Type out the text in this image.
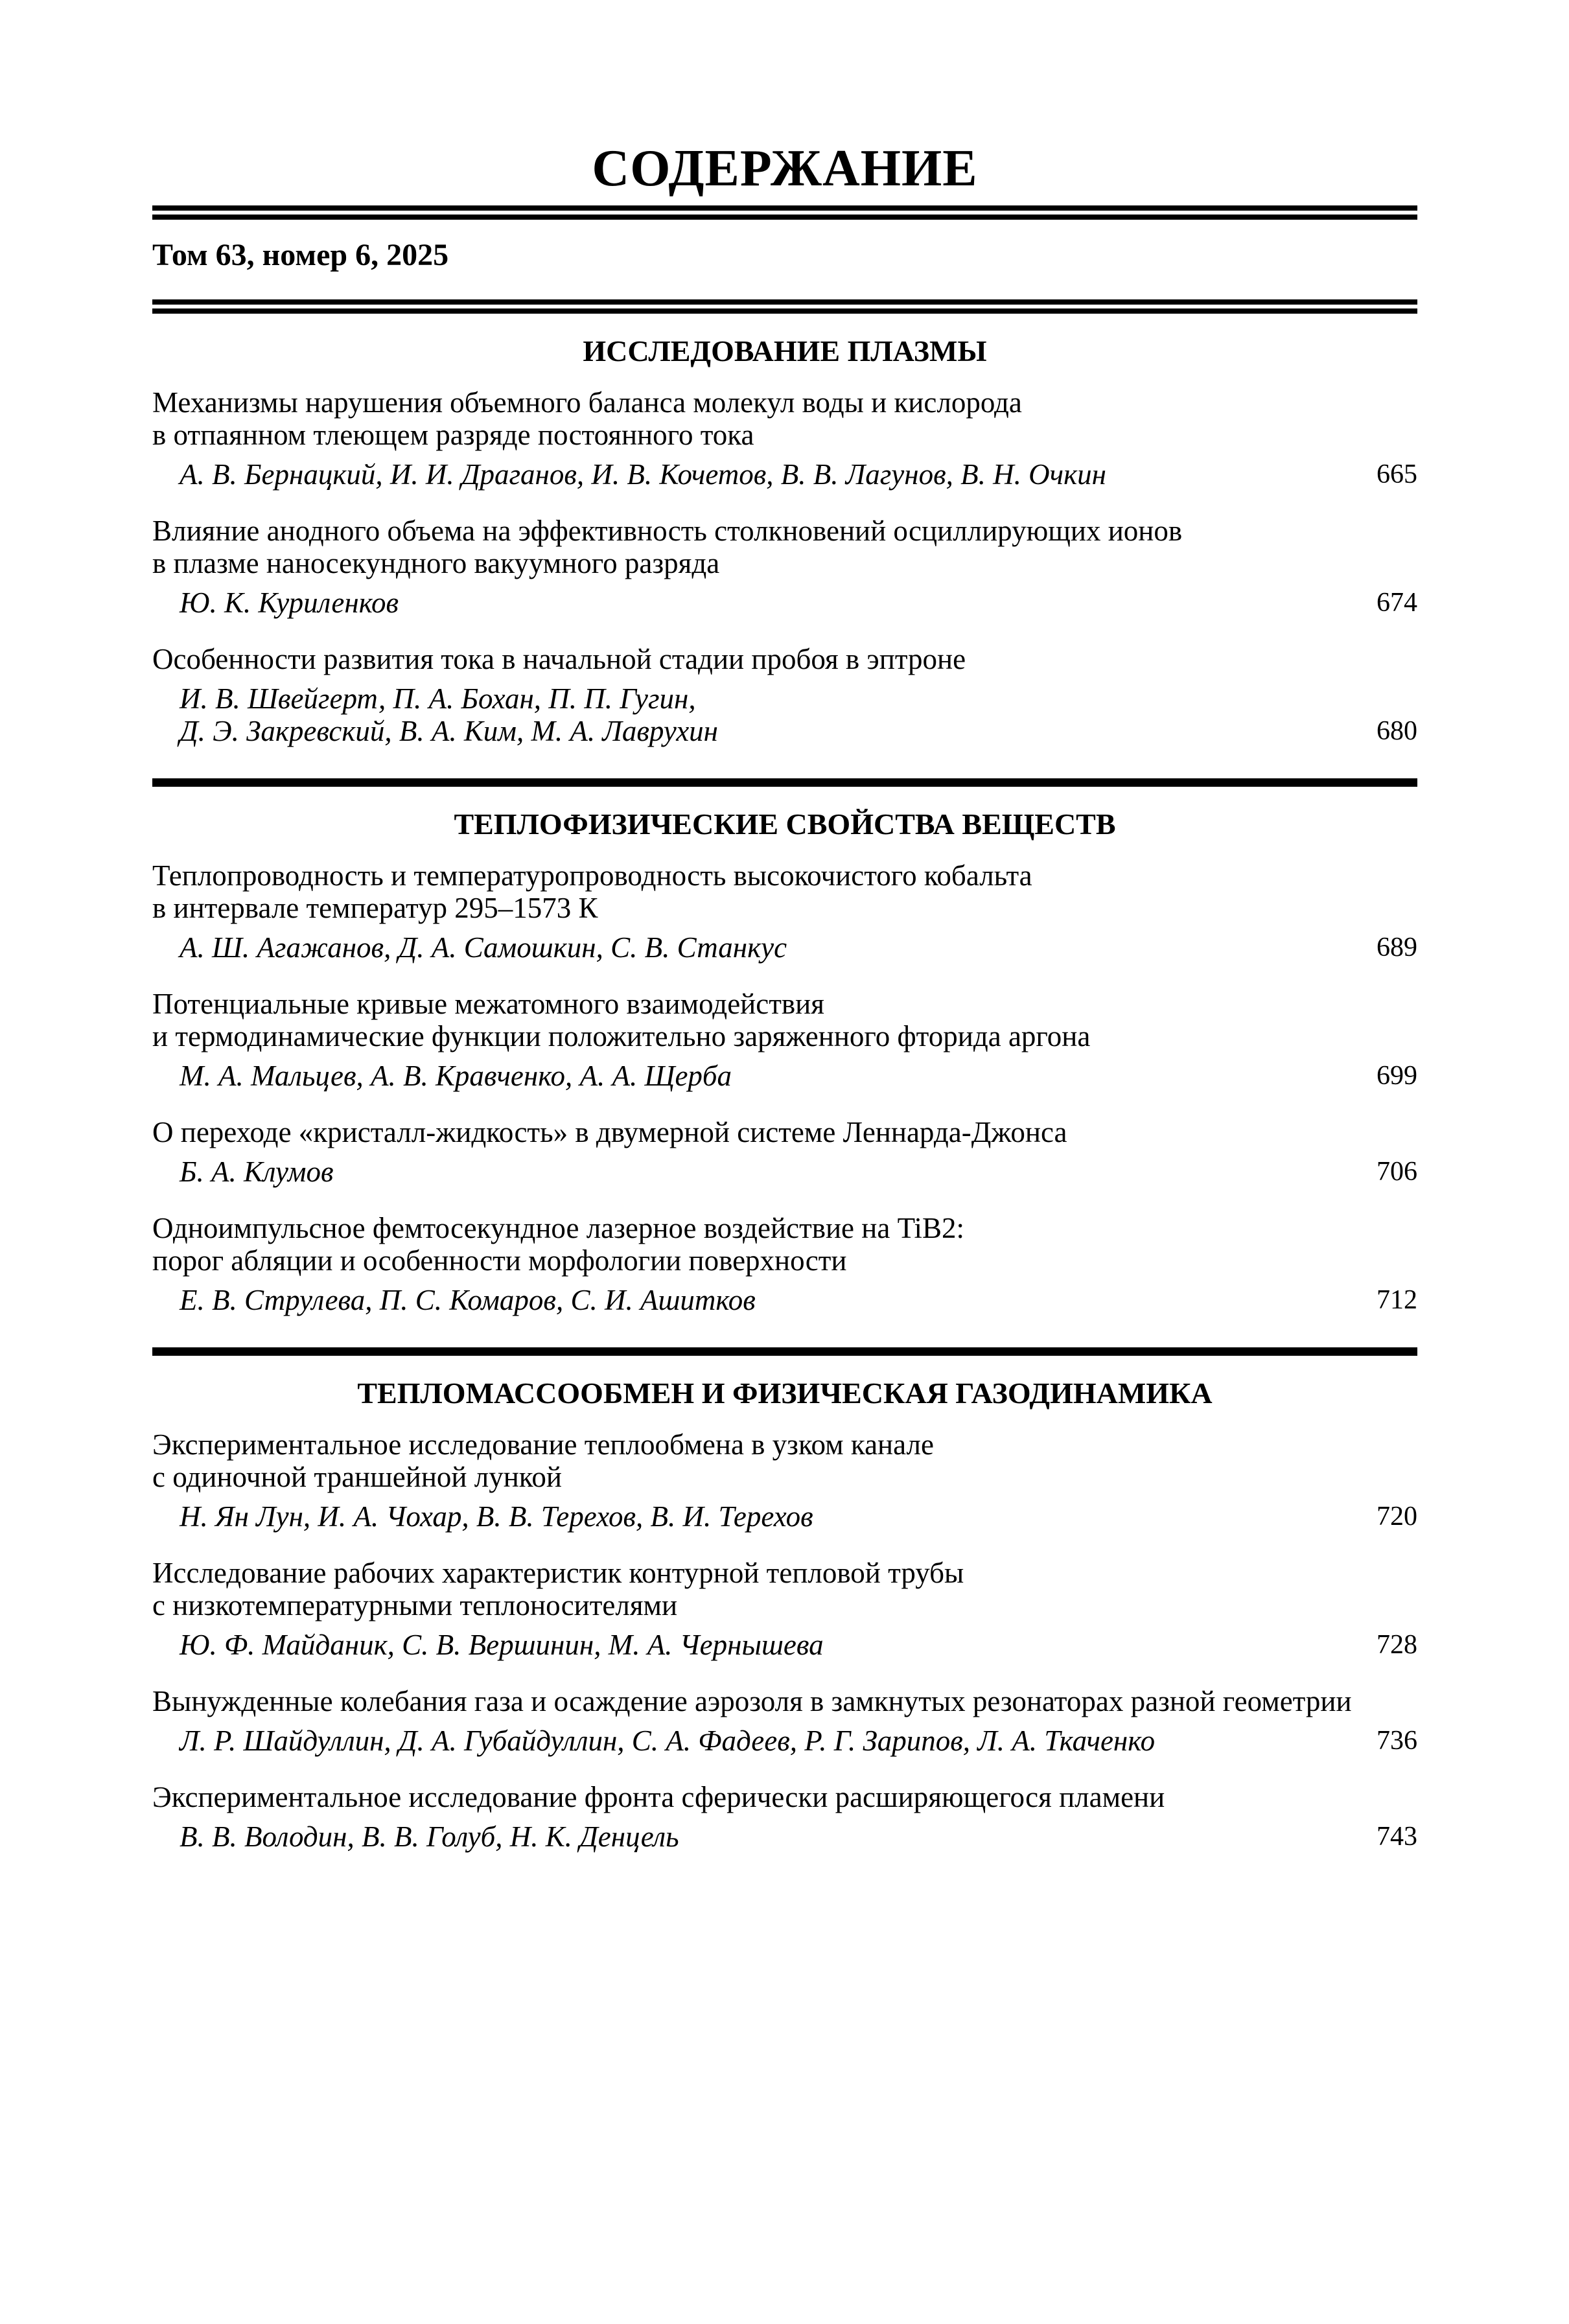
СОДЕРЖАНИЕ
Том 63, номер 6, 2025
ИССЛЕДОВАНИЕ ПЛАЗМЫ
Механизмы нарушения объемного баланса молекул воды и кислорода
в отпаянном тлеющем разряде постоянного тока
А. В. Бернацкий, И. И. Драганов, И. В. Кочетов, В. В. Лагунов, В. Н. Очкин	665
Влияние анодного объема на эффективность столкновений осциллирующих ионов
в плазме наносекундного вакуумного разряда
Ю. К. Куриленков	674
Особенности развития тока в начальной стадии пробоя в эптроне
И. В. Швейгерт, П. А. Бохан, П. П. Гугин,
Д. Э. Закревский, В. А. Ким, М. А. Лаврухин	680
ТЕПЛОФИЗИЧЕСКИЕ СВОЙСТВА ВЕЩЕСТВ
Теплопроводность и температуропроводность высокочистого кобальта
в интервале температур 295–1573 К
А. Ш. Агажанов, Д. А. Самошкин, С. В. Станкус	689
Потенциальные кривые межатомного взаимодействия
и термодинамические функции положительно заряженного фторида аргона
М. А. Мальцев, А. В. Кравченко, А. А. Щерба	699
О переходе «кристалл-жидкость» в двумерной системе Леннарда-Джонса
Б. А. Клумов	706
Одноимпульсное фемтосекундное лазерное воздействие на TiB2:
порог абляции и особенности морфологии поверхности
Е. В. Струлева, П. С. Комаров, С. И. Ашитков	712
ТЕПЛОМАССООБМЕН И ФИЗИЧЕСКАЯ ГАЗОДИНАМИКА
Экспериментальное исследование теплообмена в узком канале
с одиночной траншейной лункой
Н. Ян Лун, И. А. Чохар, В. В. Терехов, В. И. Терехов	720
Исследование рабочих характеристик контурной тепловой трубы
с низкотемпературными теплоносителями
Ю. Ф. Майданик, С. В. Вершинин, М. А. Чернышева	728
Вынужденные колебания газа и осаждение аэрозоля в замкнутых резонаторах разной геометрии
Л. Р. Шайдуллин, Д. А. Губайдуллин, С. А. Фадеев, Р. Г. Зарипов, Л. А. Ткаченко	736
Экспериментальное исследование фронта сферически расширяющегося пламени
В. В. Володин, В. В. Голуб, Н. К. Денцель	743
